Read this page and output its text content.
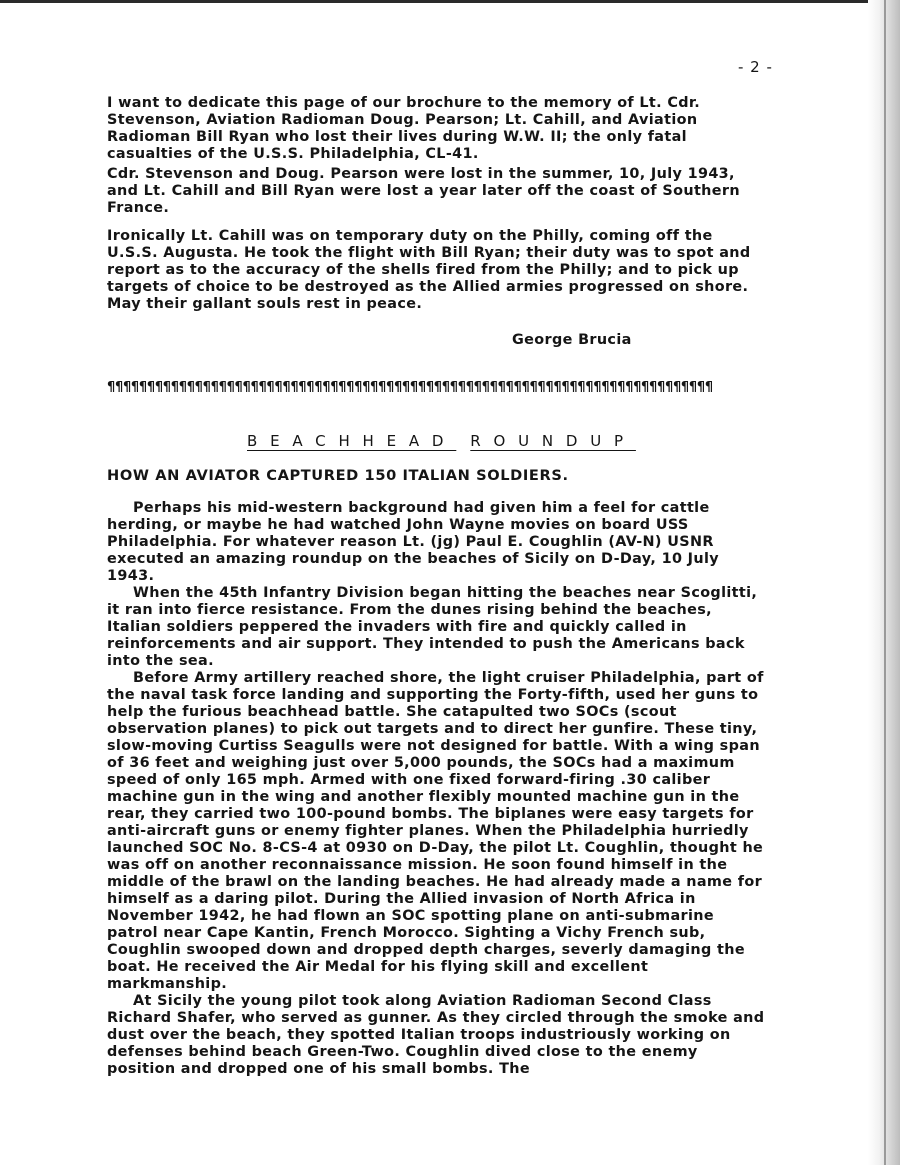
- 2 -

I want to dedicate this page of our brochure to the memory of Lt. Cdr. Stevenson, Aviation Radioman Doug. Pearson; Lt. Cahill, and Aviation Radioman Bill Ryan who lost their lives during W.W. II; the only fatal casualties of the U.S.S. Philadelphia, CL-41.

Cdr. Stevenson and Doug. Pearson were lost in the summer, 10, July 1943, and Lt. Cahill and Bill Ryan were lost a year later off the coast of Southern France.

Ironically Lt. Cahill was on temporary duty on the Philly, coming off the U.S.S. Augusta. He took the flight with Bill Ryan; their duty was to spot and report as to the accuracy of the shells fired from the Philly; and to pick up targets of choice to be destroyed as the Allied armies progressed on shore. May their gallant souls rest in peace.

George Brucia
¶¶¶¶¶¶¶¶¶¶¶¶¶¶¶¶¶¶¶¶¶¶¶¶¶¶¶¶¶¶¶¶¶¶¶¶¶¶¶¶¶¶¶¶¶¶¶¶¶¶¶¶¶¶¶¶¶¶¶¶¶¶¶¶¶¶¶¶¶¶¶¶¶¶¶¶
BEACHHEAD ROUNDUP
HOW AN AVIATOR CAPTURED 150 ITALIAN SOLDIERS.

Perhaps his mid-western background had given him a feel for cattle herding, or maybe he had watched John Wayne movies on board USS Philadelphia. For whatever reason Lt. (jg) Paul E. Coughlin (AV-N) USNR executed an amazing roundup on the beaches of Sicily on D-Day, 10 July 1943.

When the 45th Infantry Division began hitting the beaches near Scoglitti, it ran into fierce resistance. From the dunes rising behind the beaches, Italian soldiers peppered the invaders with fire and quickly called in reinforcements and air support. They intended to push the Americans back into the sea.

Before Army artillery reached shore, the light cruiser Philadelphia, part of the naval task force landing and supporting the Forty-fifth, used her guns to help the furious beachhead battle. She catapulted two SOCs (scout observation planes) to pick out targets and to direct her gunfire. These tiny, slow-moving Curtiss Seagulls were not designed for battle. With a wing span of 36 feet and weighing just over 5,000 pounds, the SOCs had a maximum speed of only 165 mph. Armed with one fixed forward-firing .30 caliber machine gun in the wing and another flexibly mounted machine gun in the rear, they carried two 100-pound bombs. The biplanes were easy targets for anti-aircraft guns or enemy fighter planes. When the Philadelphia hurriedly launched SOC No. 8-CS-4 at 0930 on D-Day, the pilot Lt. Coughlin, thought he was off on another reconnaissance mission. He soon found himself in the middle of the brawl on the landing beaches. He had already made a name for himself as a daring pilot. During the Allied invasion of North Africa in November 1942, he had flown an SOC spotting plane on anti-submarine patrol near Cape Kantin, French Morocco. Sighting a Vichy French sub, Coughlin swooped down and dropped depth charges, severly damaging the boat. He received the Air Medal for his flying skill and excellent markmanship.

At Sicily the young pilot took along Aviation Radioman Second Class Richard Shafer, who served as gunner. As they circled through the smoke and dust over the beach, they spotted Italian troops industriously working on defenses behind beach Green-Two. Coughlin dived close to the enemy position and dropped one of his small bombs. The
